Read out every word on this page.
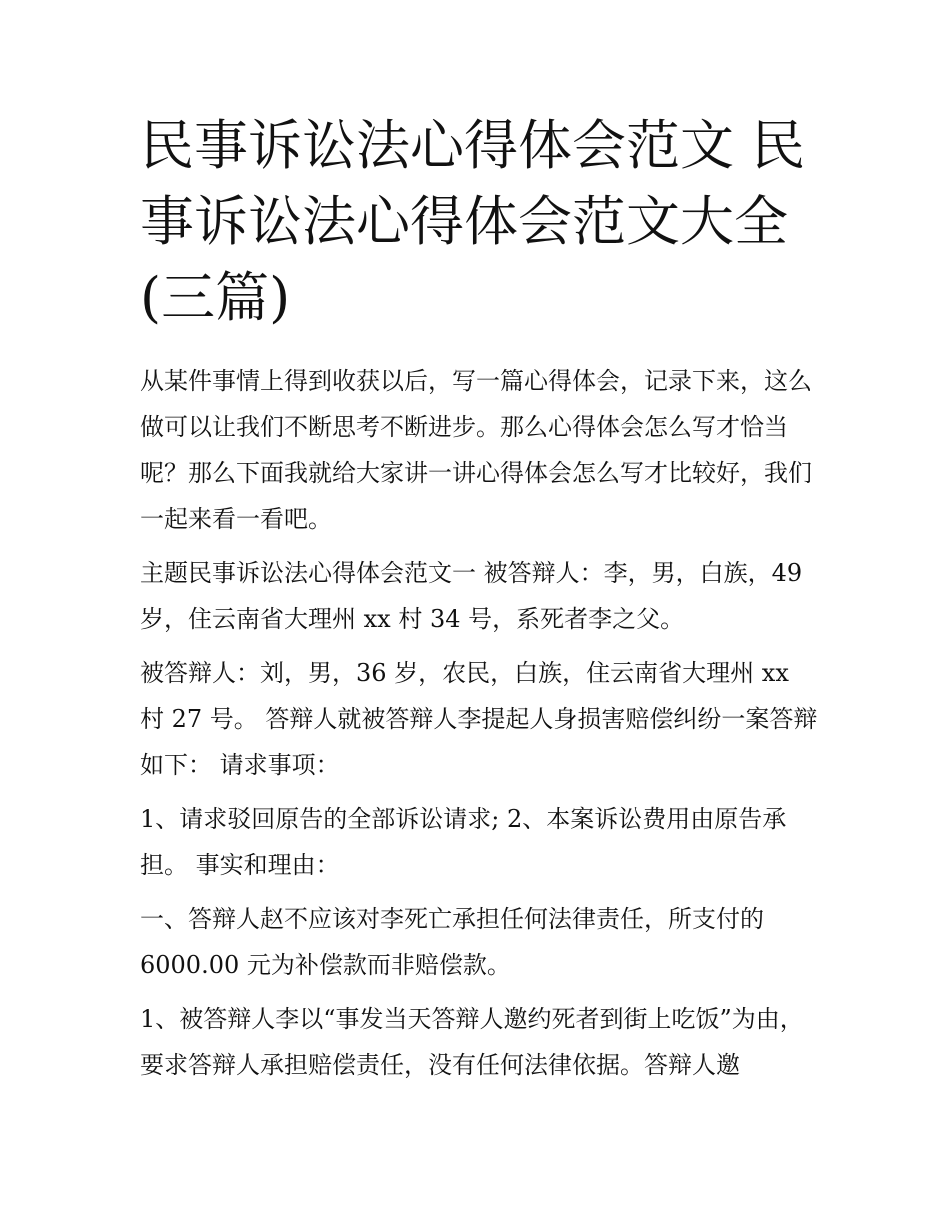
民事诉讼法心得体会范文 民事诉讼法心得体会范文大全(三篇)

从某件事情上得到收获以后，写一篇心得体会，记录下来，这么做可以让我们不断思考不断进步。那么心得体会怎么写才恰当呢？那么下面我就给大家讲一讲心得体会怎么写才比较好，我们一起来看一看吧。

主题民事诉讼法心得体会范文一 被答辩人：李，男，白族，49 岁，住云南省大理州 xx 村 34 号，系死者李之父。

被答辩人：刘，男，36 岁，农民，白族，住云南省大理州 xx 村 27 号。 答辩人就被答辩人李提起人身损害赔偿纠纷一案答辩如下： 请求事项：

1、请求驳回原告的全部诉讼请求; 2、本案诉讼费用由原告承担。 事实和理由：

一、答辩人赵不应该对李死亡承担任何法律责任，所支付的 6000.00 元为补偿款而非赔偿款。

1、被答辩人李以“事发当天答辩人邀约死者到街上吃饭”为由，要求答辩人承担赔偿责任，没有任何法律依据。答辩人邀
